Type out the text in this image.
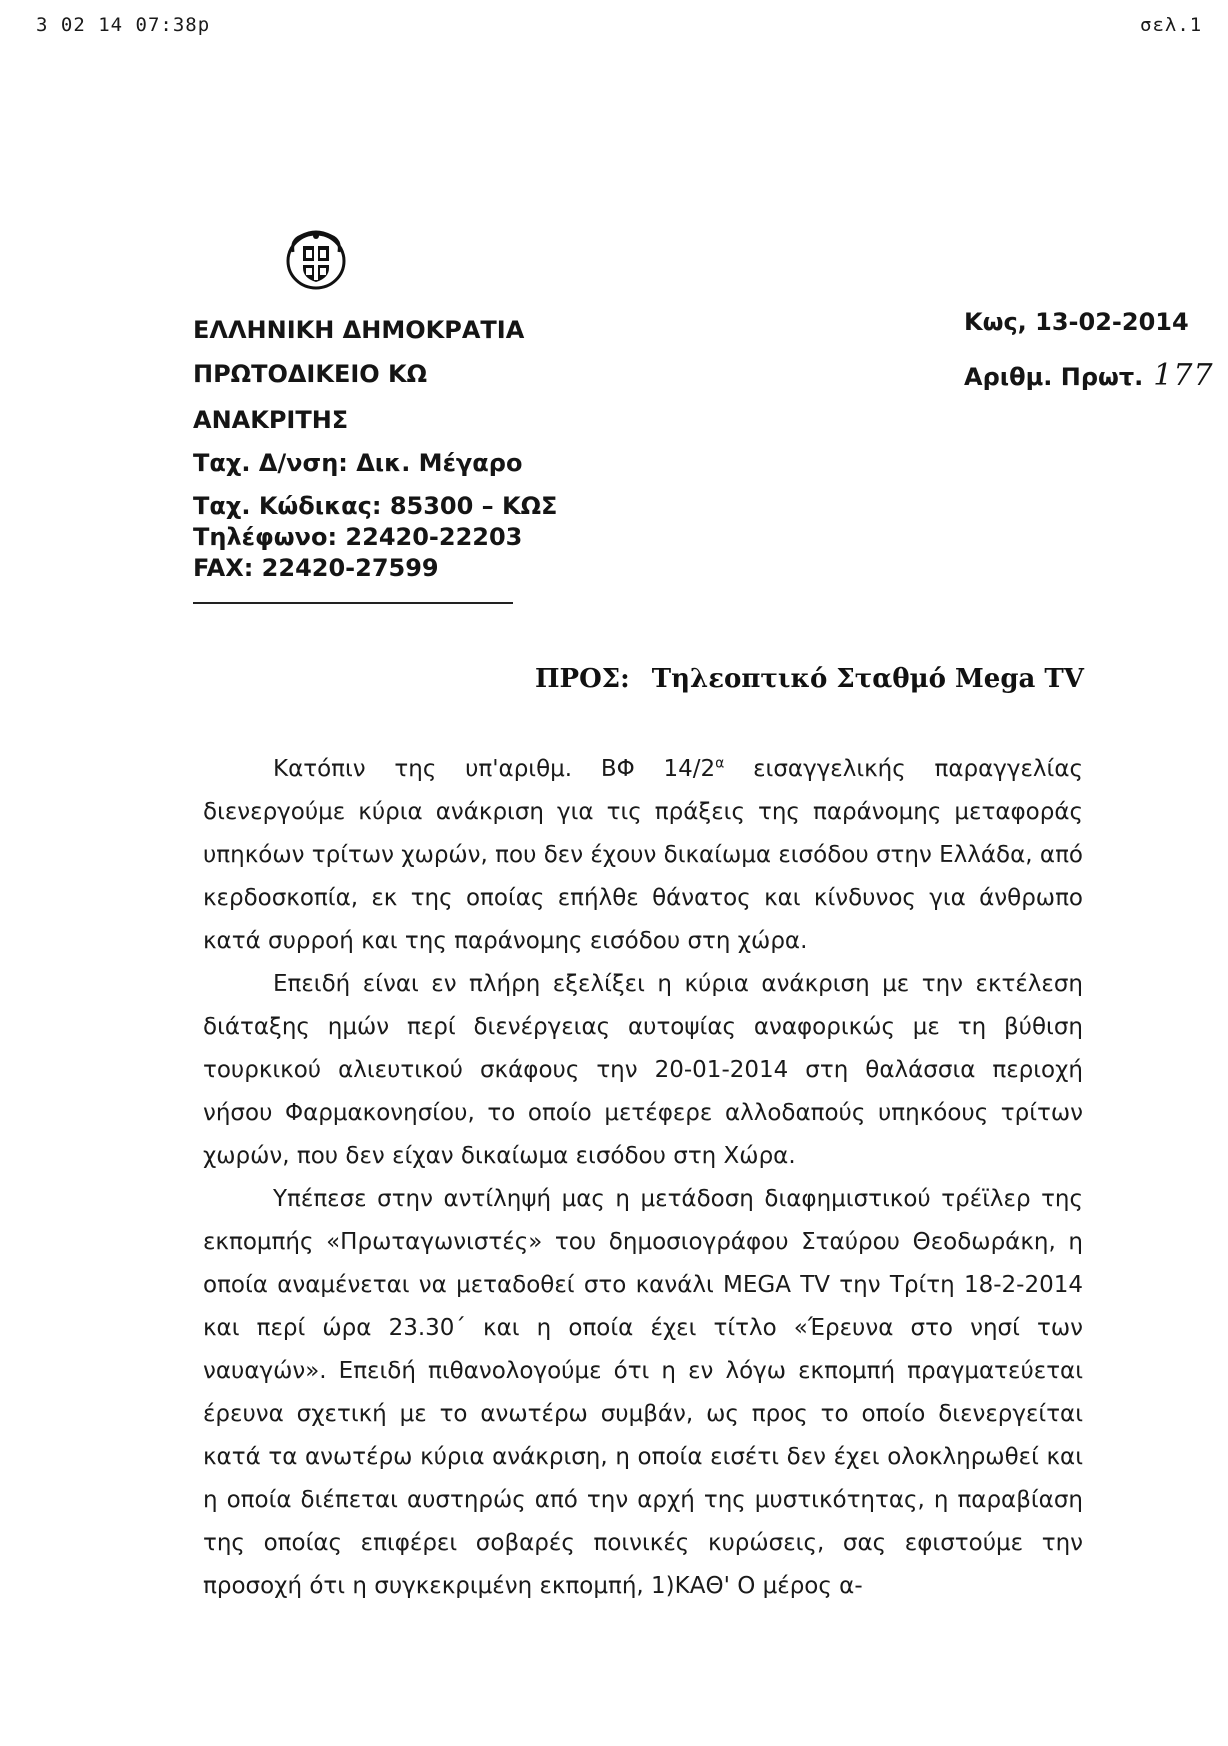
3 02 14 07:38p	σελ.1
ΕΛΛΗΝΙΚΗ ΔΗΜΟΚΡΑΤΙΑ
ΠΡΩΤΟΔΙΚΕΙΟ ΚΩ
ΑΝΑΚΡΙΤΗΣ
Ταχ. Δ/νση: Δικ. Μέγαρο
Ταχ. Κώδικας: 85300 – ΚΩΣ
Τηλέφωνο: 22420-22203
FAX: 22420-27599
Κως, 13-02-2014
Αριθμ. Πρωτ. 177
ΠΡΟΣ: Τηλεοπτικό Σταθμό Mega TV

Κατόπιν της υπ'αριθμ. ΒΦ $14/2^\alpha$ εισαγγελικής παραγγελίας διενεργούμε κύρια ανάκριση για τις πράξεις της παράνομης μεταφοράς υπηκόων τρίτων χωρών, που δεν έχουν δικαίωμα εισόδου στην Ελλάδα, από κερδοσκοπία, εκ της οποίας επήλθε θάνατος και κίνδυνος για άνθρωπο κατά συρροή και της παράνομης εισόδου στη χώρα.

Επειδή είναι εν πλήρη εξελίξει η κύρια ανάκριση με την εκτέλεση διάταξης ημών περί διενέργειας αυτοψίας αναφορικώς με τη βύθιση τουρκικού αλιευτικού σκάφους την 20-01-2014 στη θαλάσσια περιοχή νήσου Φαρμακονησίου, το οποίο μετέφερε αλλοδαπούς υπηκόους τρίτων χωρών, που δεν είχαν δικαίωμα εισόδου στη Χώρα.

Υπέπεσε στην αντίληψή μας η μετάδοση διαφημιστικού τρέϊλερ της εκπομπής «Πρωταγωνιστές» του δημοσιογράφου Σταύρου Θεοδωράκη, η οποία αναμένεται να μεταδοθεί στο κανάλι MEGA TV την Τρίτη 18-2-2014 και περί ώρα 23.30΄ και η οποία έχει τίτλο «Έρευνα στο νησί των ναυαγών». Επειδή πιθανολογούμε ότι η εν λόγω εκπομπή πραγματεύεται έρευνα σχετική με το ανωτέρω συμβάν, ως προς το οποίο διενεργείται κατά τα ανωτέρω κύρια ανάκριση, η οποία εισέτι δεν έχει ολοκληρωθεί και η οποία διέπεται αυστηρώς από την αρχή της μυστικότητας, η παραβίαση της οποίας επιφέρει σοβαρές ποινικές κυρώσεις, σας εφιστούμε την προσοχή ότι η συγκεκριμένη εκπομπή, 1)ΚΑΘ' Ο μέρος α-
